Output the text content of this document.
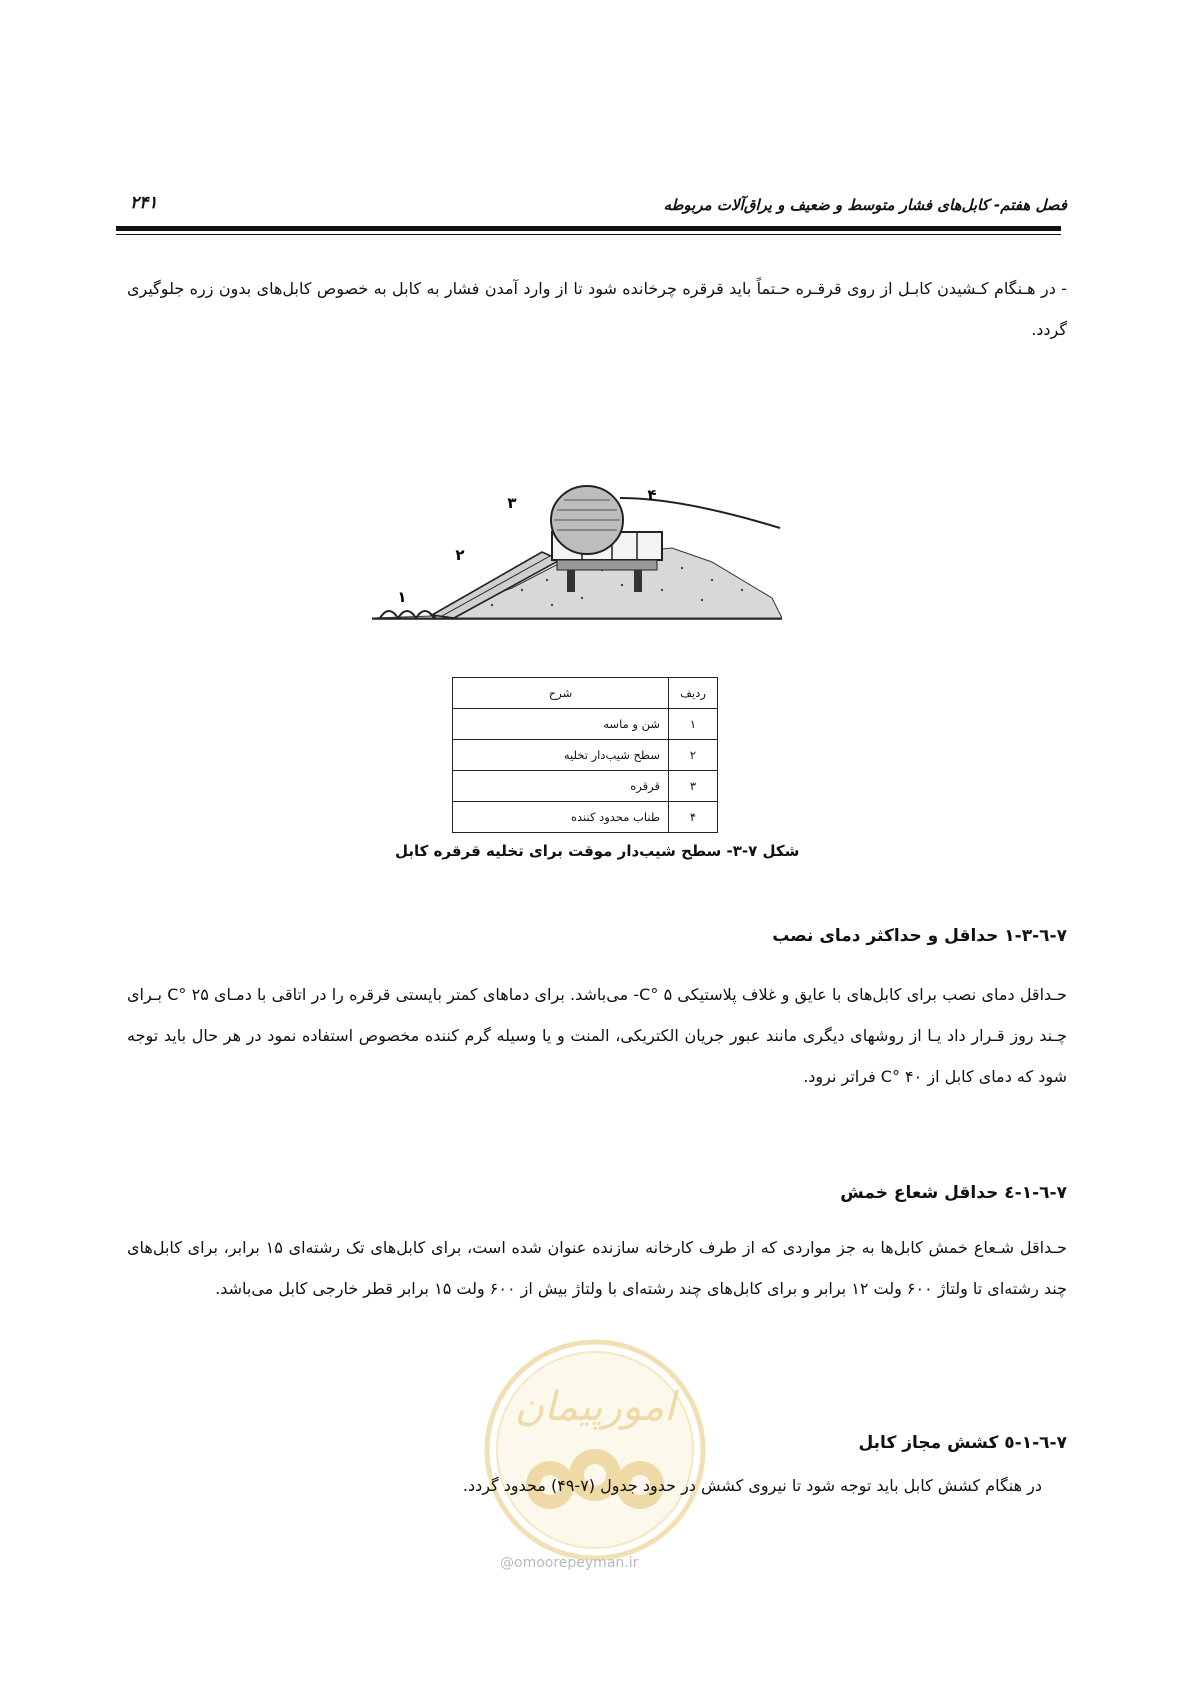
فصل هفتم- کابل‌های فشار متوسط و ضعیف و یراق‌آلات مربوطه
۲۴۱
- در هـنگام کـشیدن کابـل از روی قرقـره حـتماً باید قرقره چرخانده شود تا از وارد آمدن فشار به کابل به خصوص کابل‌های بدون زره جلوگیری گردد.
۱
۲
۳	۴
ردیف	شرح
۱	شن و ماسه
۲	سطح شیب‌دار تخلیه
۳	قرقره
۴	طناب محدود کننده
شکل ۷-۳- سطح شیب‌دار موقت برای تخلیه قرقره کابل
۷-٦-۱-۳ حداقل و حداکثر دمای نصب
حـداقل دمای نصب برای کابل‌های با عایق و غلاف پلاستیکی ‎C°‎ ۵- می‌باشد. برای دماهای کمتر بایستی قرقره را در اتاقی با دمـای ‎C°‎ ۲۵ بـرای چـند روز قـرار داد یـا از روشهای دیگری مانند عبور جریان الکتریکی، المنت و یا وسیله گرم کننده مخصوص استفاده نمود در هر حال باید توجه شود که دمای کابل از ‎C°‎ ۴۰ فراتر نرود.
۷-٦-۱-٤ حداقل شعاع خمش
حـداقل شـعاع خمش کابل‌ها به جز مواردی که از طرف کارخانه سازنده عنوان شده است، برای کابل‌های تک رشته‌ای ۱۵ برابر، برای کابل‌های چند رشته‌ای تا ولتاژ ۶۰۰ ولت ۱۲ برابر و برای کابل‌های چند رشته‌ای با ولتاژ بیش از ۶۰۰ ولت ۱۵ برابر قطر خارجی کابل می‌باشد.
امورپیمان
@omoorepeyman.ir
۷-٦-۱-٥ کشش مجاز کابل
در هنگام کشش کابل باید توجه شود تا نیروی کشش در حدود جدول (۷-۴۹) محدود گردد.
